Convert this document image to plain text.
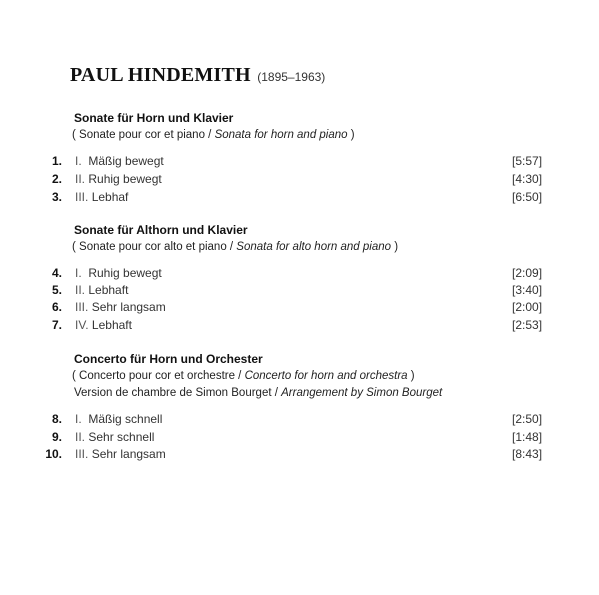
PAUL HINDEMITH (1895–1963)
Sonate für Horn und Klavier
( Sonate pour cor et piano / Sonata for horn and piano )
1. I. Mäßig bewegt	[5:57]
2. II. Ruhig bewegt	[4:30]
3. III. Lebhaf	[6:50]
Sonate für Althorn und Klavier
( Sonate pour cor alto et piano / Sonata for alto horn and piano )
4. I. Ruhig bewegt	[2:09]
5. II. Lebhaft	[3:40]
6. III. Sehr langsam	[2:00]
7. IV. Lebhaft	[2:53]
Concerto für Horn und Orchester
( Concerto pour cor et orchestre / Concerto for horn and orchestra )
Version de chambre de Simon Bourget / Arrangement by Simon Bourget
8. I. Mäßig schnell	[2:50]
9. II. Sehr schnell	[1:48]
10. III. Sehr langsam	[8:43]
